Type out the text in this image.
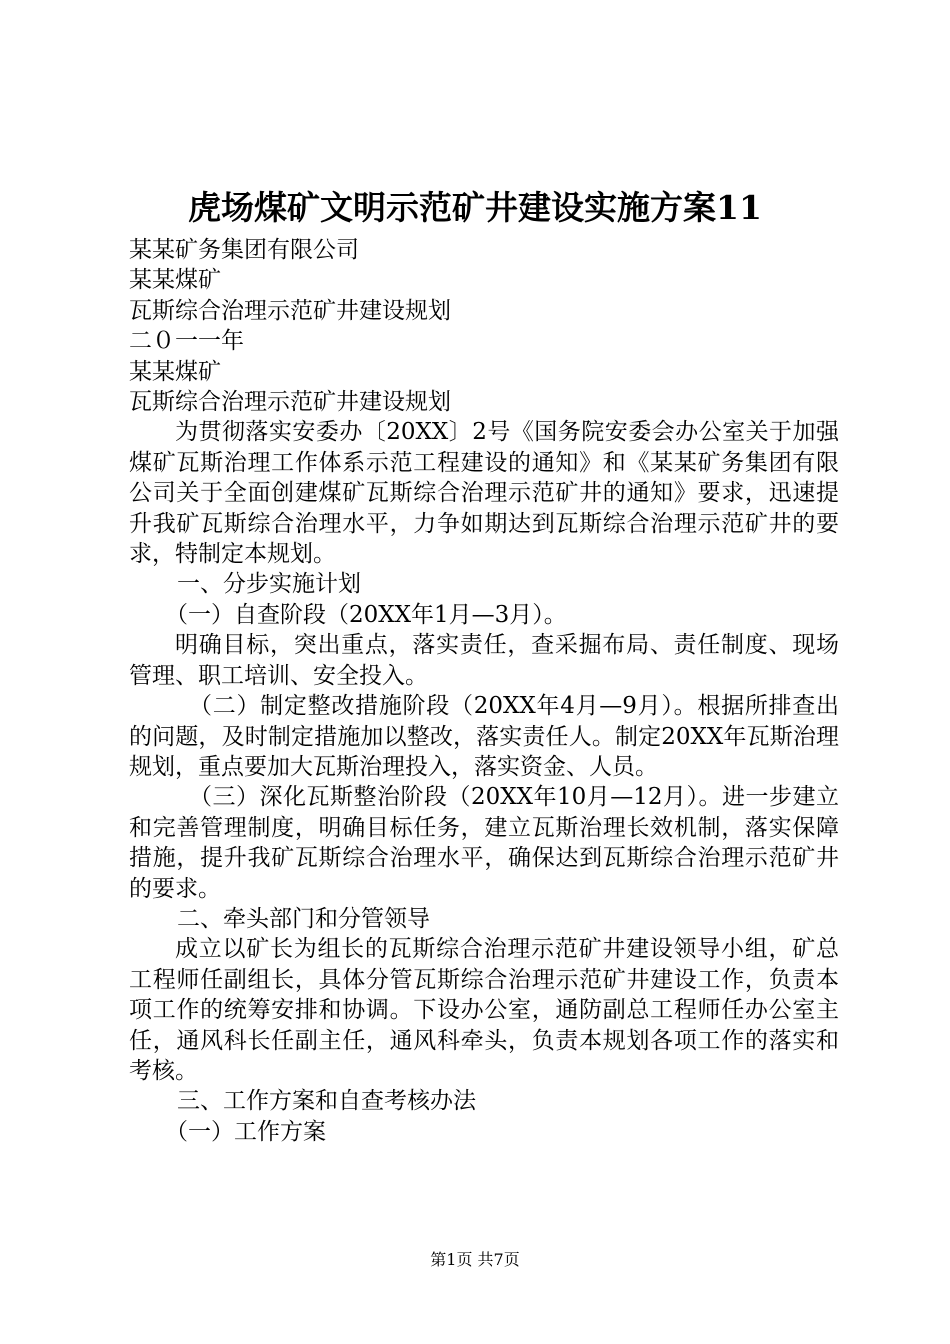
虎场煤矿文明示范矿井建设实施方案11
某某矿务集团有限公司
某某煤矿
瓦斯综合治理示范矿井建设规划
二０一一年
某某煤矿
瓦斯综合治理示范矿井建设规划

为贯彻落实安委办〔20XX〕2号《国务院安委会办公室关于加强煤矿瓦斯治理工作体系示范工程建设的通知》和《某某矿务集团有限公司关于全面创建煤矿瓦斯综合治理示范矿井的通知》要求，迅速提升我矿瓦斯综合治理水平，力争如期达到瓦斯综合治理示范矿井的要求，特制定本规划。

一、分步实施计划
（一）自查阶段（20XX年1月—3月）。

明确目标，突出重点，落实责任，查采掘布局、责任制度、现场管理、职工培训、安全投入。

（二）制定整改措施阶段（20XX年4月—9月）。根据所排查出的问题，及时制定措施加以整改，落实责任人。制定20XX年瓦斯治理规划，重点要加大瓦斯治理投入，落实资金、人员。

（三）深化瓦斯整治阶段（20XX年10月—12月）。进一步建立和完善管理制度，明确目标任务，建立瓦斯治理长效机制，落实保障措施，提升我矿瓦斯综合治理水平，确保达到瓦斯综合治理示范矿井的要求。

二、牵头部门和分管领导

成立以矿长为组长的瓦斯综合治理示范矿井建设领导小组，矿总工程师任副组长，具体分管瓦斯综合治理示范矿井建设工作，负责本项工作的统筹安排和协调。下设办公室，通防副总工程师任办公室主任，通风科长任副主任，通风科牵头，负责本规划各项工作的落实和考核。

三、工作方案和自查考核办法
（一）工作方案
第1页 共7页
